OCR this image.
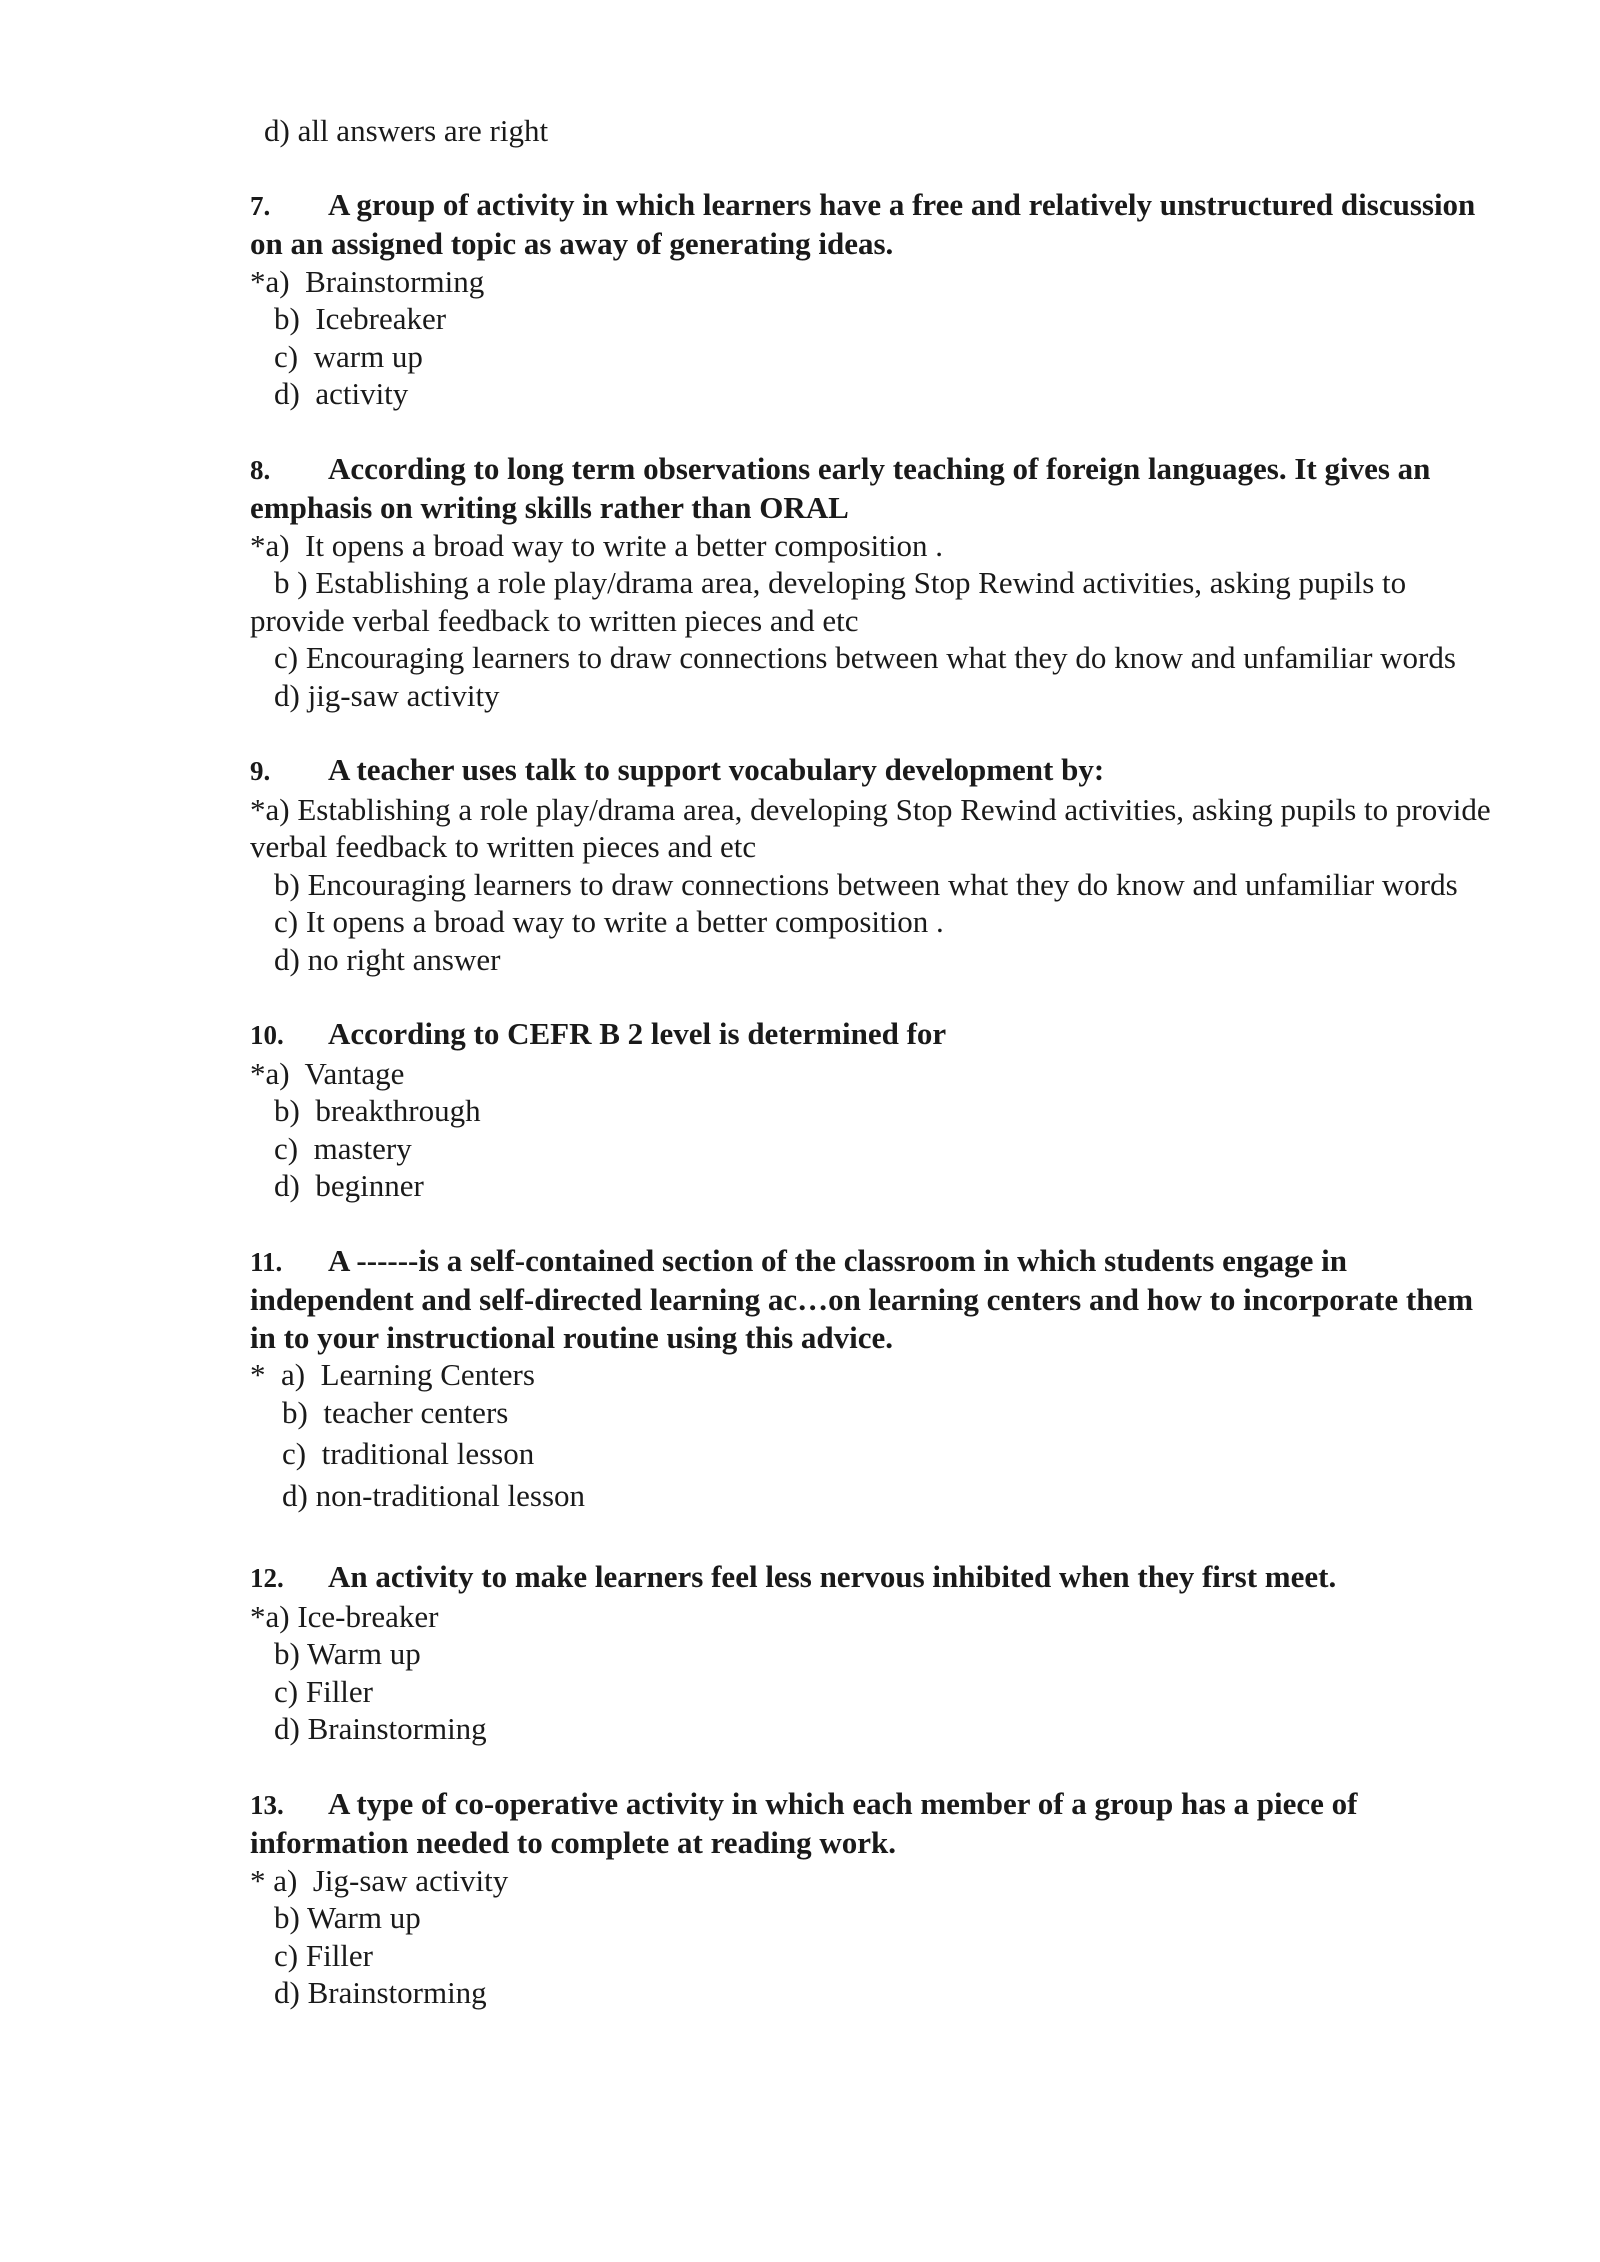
d) all answers are right
7. A group of activity in which learners have a free and relatively unstructured discussion on an assigned topic as away of generating ideas.
*a)  Brainstorming
b)  Icebreaker
c)  warm up
d)  activity
8. According to long term observations early teaching of foreign languages. It gives an emphasis on writing skills rather than ORAL
*a)  It opens a broad way to write a better composition .
b ) Establishing a role play/drama area, developing Stop Rewind activities, asking pupils to provide verbal feedback to written pieces and etc
c) Encouraging learners to draw connections between what they do know and unfamiliar words
d) jig-saw activity
9. A teacher uses talk to support vocabulary development by:
*a) Establishing a role play/drama area, developing Stop Rewind activities, asking pupils to provide verbal feedback to written pieces and etc
b) Encouraging learners to draw connections between what they do know and unfamiliar words
c) It opens a broad way to write a better composition .
d) no right answer
10. According to CEFR B 2 level is determined for
*a)  Vantage
b)  breakthrough
c)  mastery
d)  beginner
11. A ------is a self-contained section of the classroom in which students engage in independent and self-directed learning ac…on learning centers and how to incorporate them in to your instructional routine using this advice.
*  a)  Learning Centers
b)  teacher centers
c)  traditional lesson
d) non-traditional lesson
12. An activity to make learners feel less nervous inhibited when they first meet.
*a) Ice-breaker
b) Warm up
c) Filler
d) Brainstorming
13. A type of co-operative activity in which each member of a group has a piece of information needed to complete at reading work.
* a)  Jig-saw activity
b) Warm up
c) Filler
d) Brainstorming
